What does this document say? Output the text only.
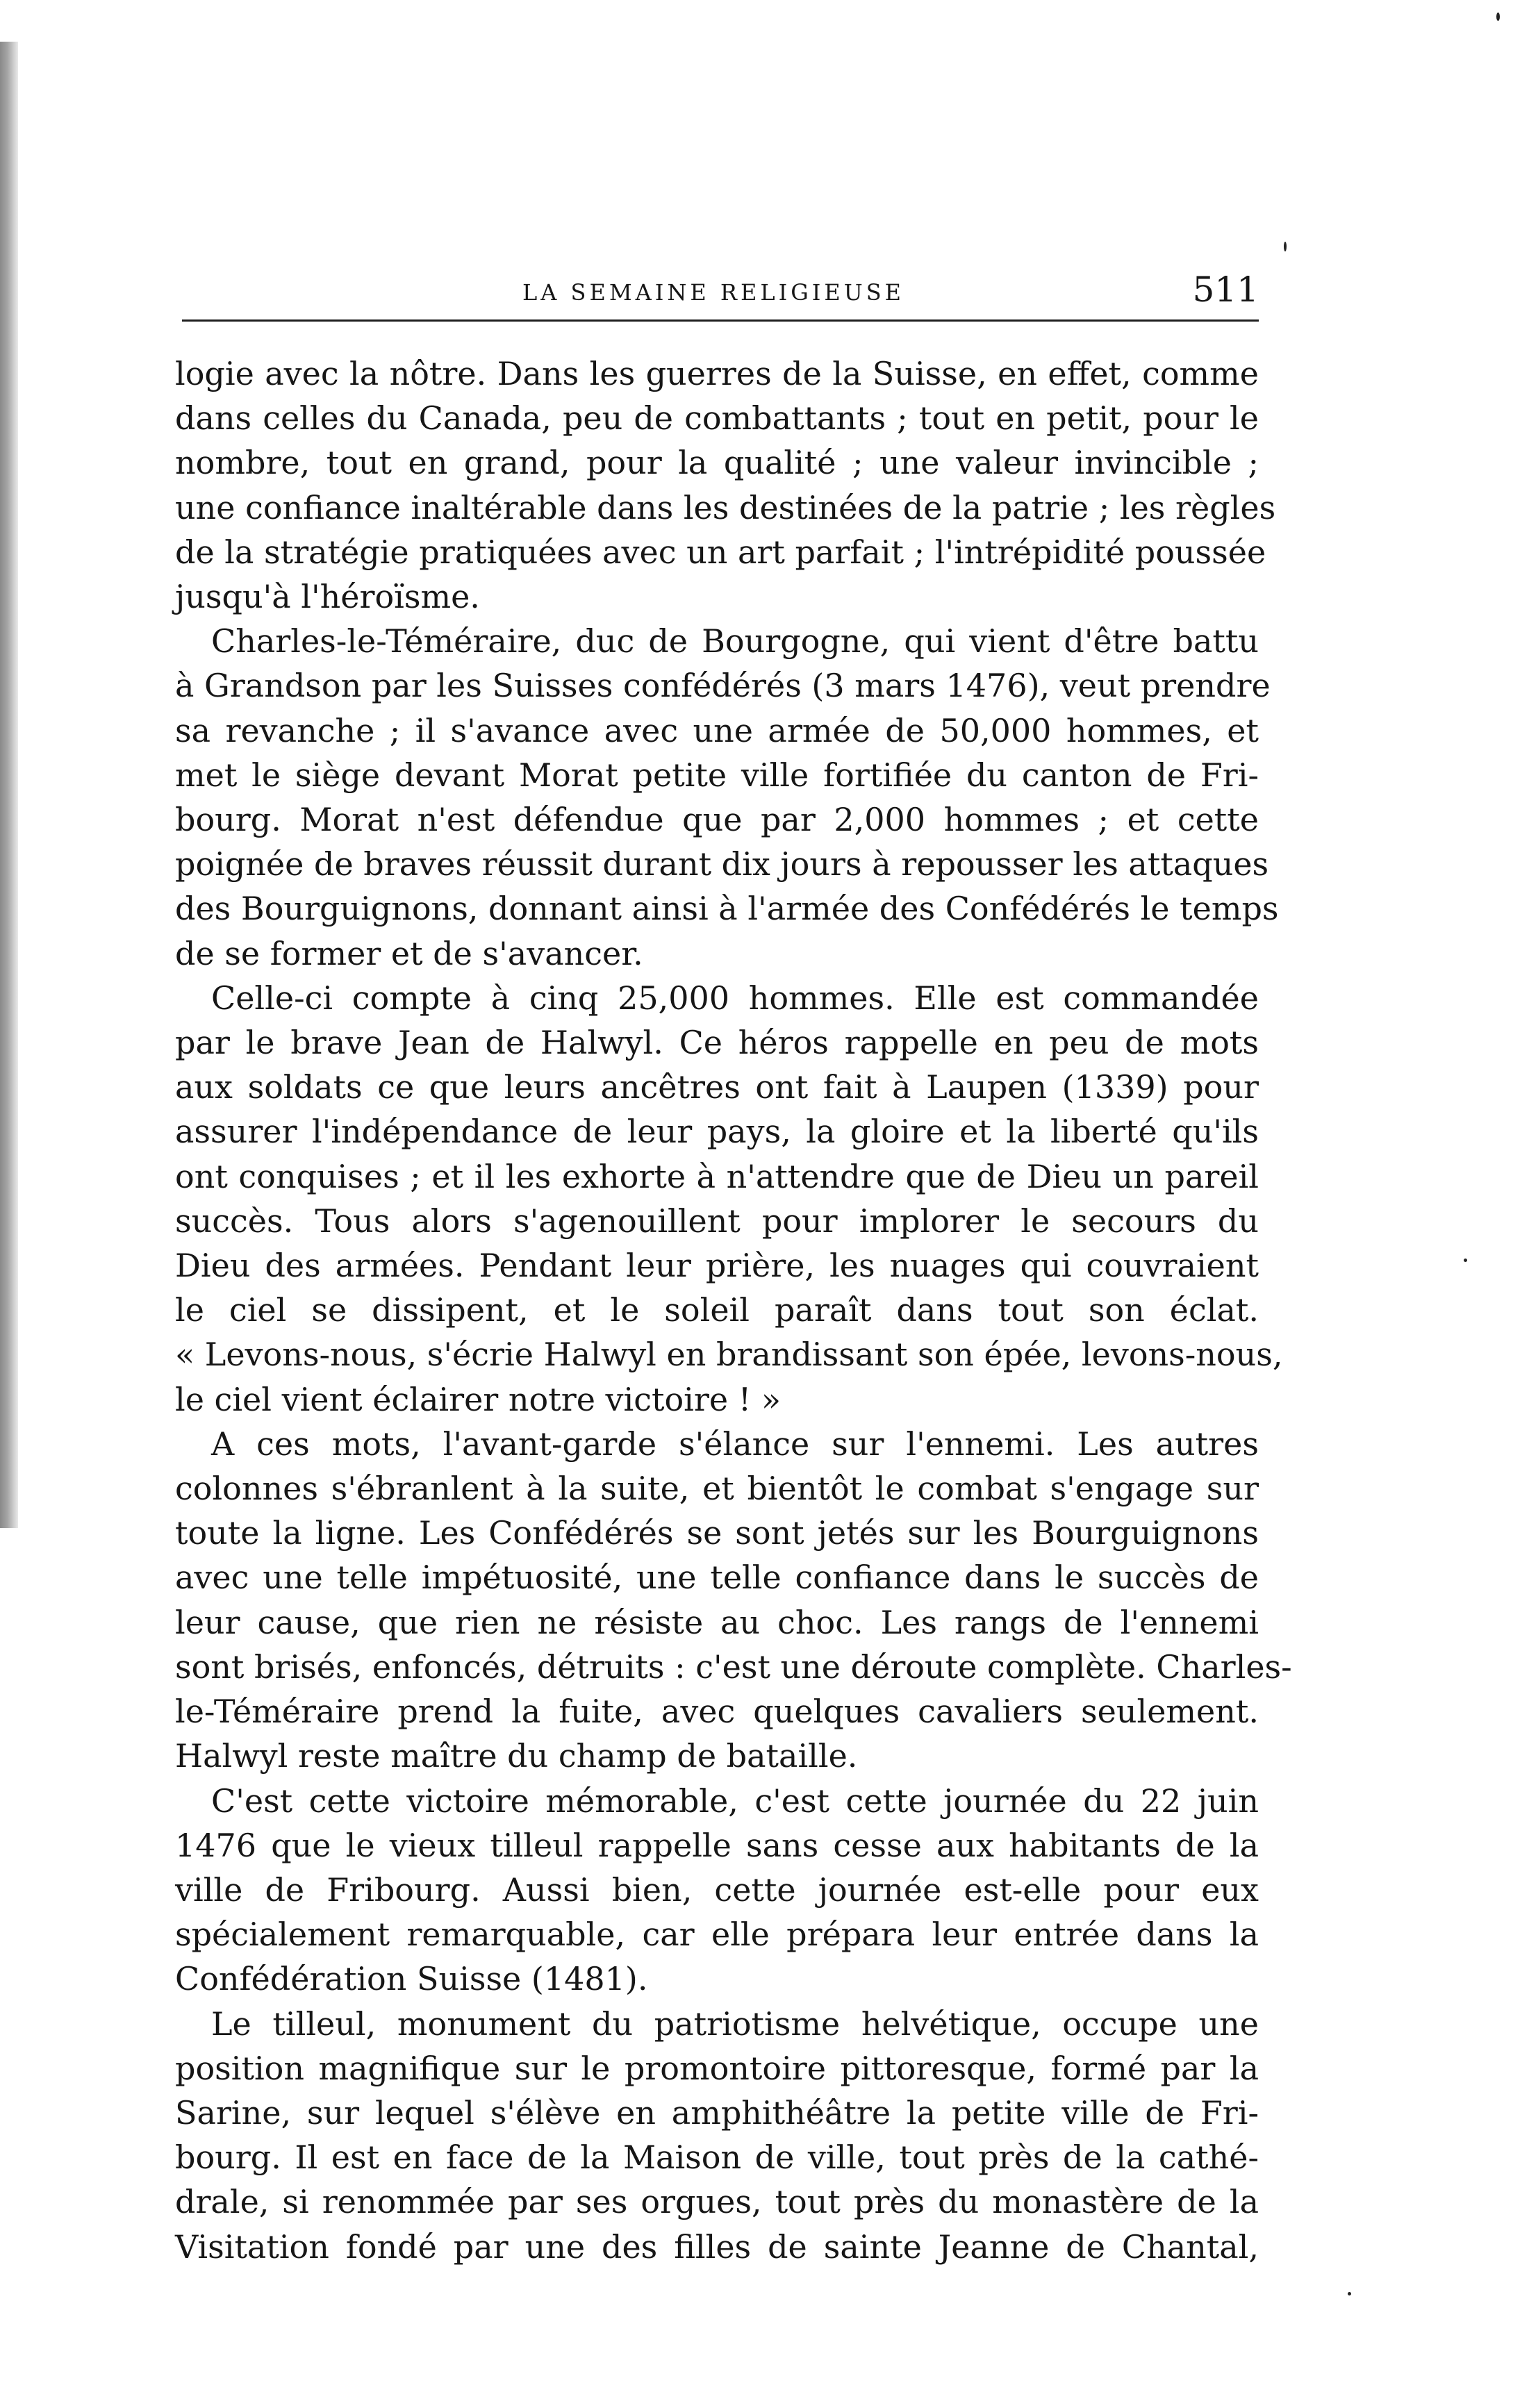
LA SEMAINE RELIGIEUSE	511
logie avec la nôtre. Dans les guerres de la Suisse, en effet, comme
dans celles du Canada, peu de combattants ; tout en petit, pour le
nombre, tout en grand, pour la qualité ; une valeur invincible ;
une confiance inaltérable dans les destinées de la patrie ; les règles
de la stratégie pratiquées avec un art parfait ; l'intrépidité poussée
jusqu'à l'héroïsme.
Charles-le-Téméraire, duc de Bourgogne, qui vient d'être battu
à Grandson par les Suisses confédérés (3 mars 1476), veut prendre
sa revanche ; il s'avance avec une armée de 50,000 hommes, et
met le siège devant Morat petite ville fortifiée du canton de Fri-
bourg. Morat n'est défendue que par 2,000 hommes ; et cette
poignée de braves réussit durant dix jours à repousser les attaques
des Bourguignons, donnant ainsi à l'armée des Confédérés le temps
de se former et de s'avancer.
Celle-ci compte à cinq 25,000 hommes. Elle est commandée
par le brave Jean de Halwyl. Ce héros rappelle en peu de mots
aux soldats ce que leurs ancêtres ont fait à Laupen (1339) pour
assurer l'indépendance de leur pays, la gloire et la liberté qu'ils
ont conquises ; et il les exhorte à n'attendre que de Dieu un pareil
succès. Tous alors s'agenouillent pour implorer le secours du
Dieu des armées. Pendant leur prière, les nuages qui couvraient
le ciel se dissipent, et le soleil paraît dans tout son éclat.
« Levons-nous, s'écrie Halwyl en brandissant son épée, levons-nous,
le ciel vient éclairer notre victoire ! »
A ces mots, l'avant-garde s'élance sur l'ennemi. Les autres
colonnes s'ébranlent à la suite, et bientôt le combat s'engage sur
toute la ligne. Les Confédérés se sont jetés sur les Bourguignons
avec une telle impétuosité, une telle confiance dans le succès de
leur cause, que rien ne résiste au choc. Les rangs de l'ennemi
sont brisés, enfoncés, détruits : c'est une déroute complète. Charles-
le-Téméraire prend la fuite, avec quelques cavaliers seulement.
Halwyl reste maître du champ de bataille.
C'est cette victoire mémorable, c'est cette journée du 22 juin
1476 que le vieux tilleul rappelle sans cesse aux habitants de la
ville de Fribourg. Aussi bien, cette journée est-elle pour eux
spécialement remarquable, car elle prépara leur entrée dans la
Confédération Suisse (1481).
Le tilleul, monument du patriotisme helvétique, occupe une
position magnifique sur le promontoire pittoresque, formé par la
Sarine, sur lequel s'élève en amphithéâtre la petite ville de Fri-
bourg. Il est en face de la Maison de ville, tout près de la cathé-
drale, si renommée par ses orgues, tout près du monastère de la
Visitation fondé par une des filles de sainte Jeanne de Chantal,
